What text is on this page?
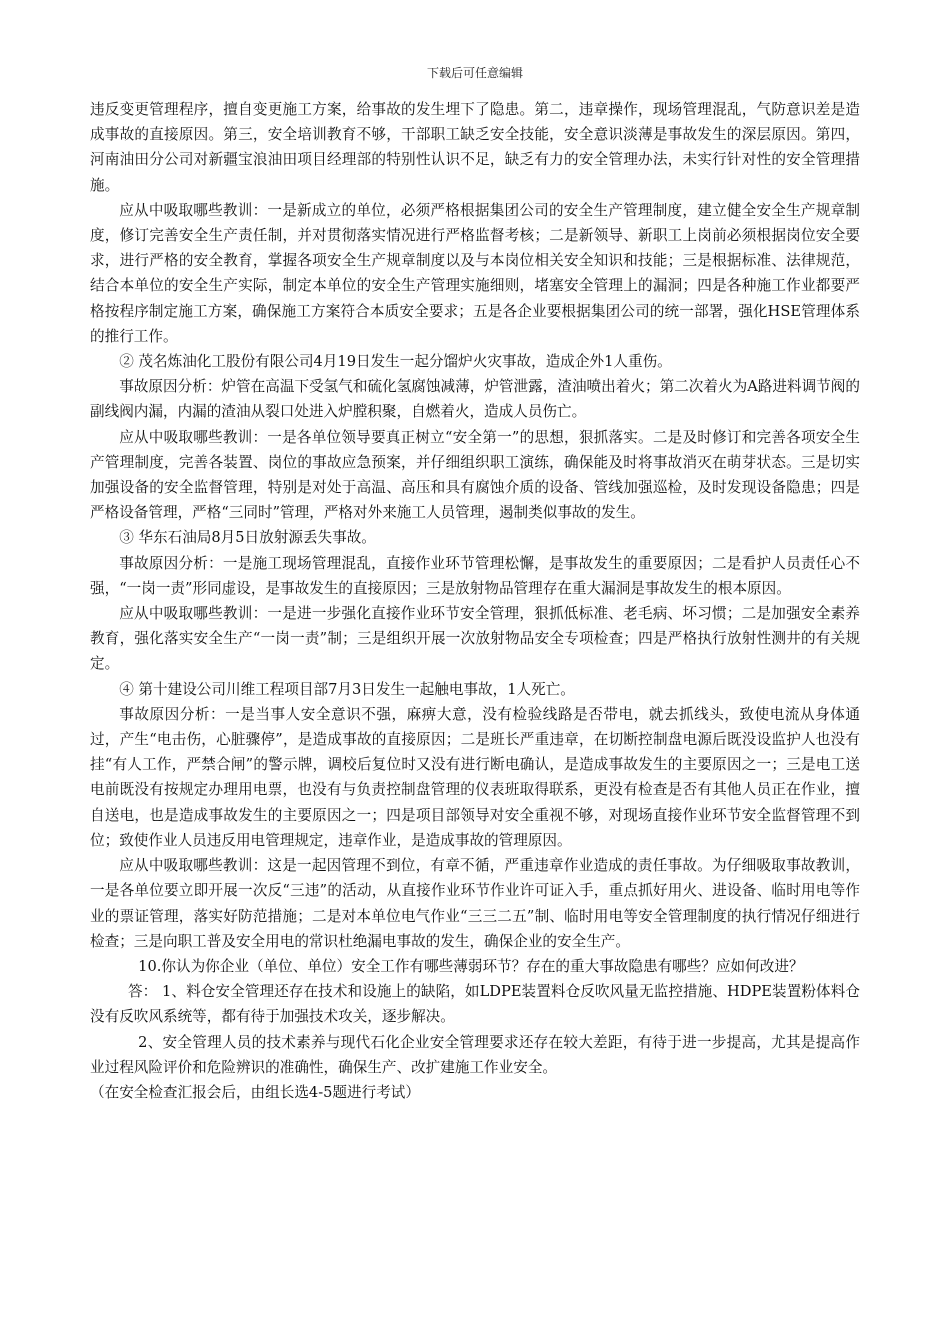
下载后可任意编辑

违反变更管理程序，擅自变更施工方案，给事故的发生埋下了隐患。第二，违章操作，现场管理混乱，气防意识差是造成事故的直接原因。第三，安全培训教育不够，干部职工缺乏安全技能，安全意识淡薄是事故发生的深层原因。第四，河南油田分公司对新疆宝浪油田项目经理部的特别性认识不足，缺乏有力的安全管理办法，未实行针对性的安全管理措施。

应从中吸取哪些教训：一是新成立的单位，必须严格根据集团公司的安全生产管理制度，建立健全安全生产规章制度，修订完善安全生产责任制，并对贯彻落实情况进行严格监督考核；二是新领导、新职工上岗前必须根据岗位安全要求，进行严格的安全教育，掌握各项安全生产规章制度以及与本岗位相关安全知识和技能；三是根据标准、法律规范，结合本单位的安全生产实际，制定本单位的安全生产管理实施细则，堵塞安全管理上的漏洞；四是各种施工作业都要严格按程序制定施工方案，确保施工方案符合本质安全要求；五是各企业要根据集团公司的统一部署，强化HSE管理体系的推行工作。

② 茂名炼油化工股份有限公司4月19日发生一起分馏炉火灾事故，造成企外1人重伤。

事故原因分析：炉管在高温下受氢气和硫化氢腐蚀减薄，炉管泄露，渣油喷出着火；第二次着火为A路进料调节阀的副线阀内漏，内漏的渣油从裂口处进入炉膛积聚，自燃着火，造成人员伤亡。

应从中吸取哪些教训：一是各单位领导要真正树立“安全第一”的思想，狠抓落实。二是及时修订和完善各项安全生产管理制度，完善各装置、岗位的事故应急预案，并仔细组织职工演练，确保能及时将事故消灭在萌芽状态。三是切实加强设备的安全监督管理，特别是对处于高温、高压和具有腐蚀介质的设备、管线加强巡检，及时发现设备隐患；四是严格设备管理，严格“三同时”管理，严格对外来施工人员管理，遏制类似事故的发生。

③ 华东石油局8月5日放射源丢失事故。

事故原因分析：一是施工现场管理混乱，直接作业环节管理松懈，是事故发生的重要原因；二是看护人员责任心不强，“一岗一责”形同虚设，是事故发生的直接原因；三是放射物品管理存在重大漏洞是事故发生的根本原因。

应从中吸取哪些教训：一是进一步强化直接作业环节安全管理，狠抓低标准、老毛病、坏习惯；二是加强安全素养教育，强化落实安全生产“一岗一责”制；三是组织开展一次放射物品安全专项检查；四是严格执行放射性测井的有关规定。

④ 第十建设公司川维工程项目部7月3日发生一起触电事故，1人死亡。

事故原因分析：一是当事人安全意识不强，麻痹大意，没有检验线路是否带电，就去抓线头，致使电流从身体通过，产生“电击伤，心脏骤停”，是造成事故的直接原因；二是班长严重违章，在切断控制盘电源后既没设监护人也没有挂“有人工作，严禁合闸”的警示牌，调校后复位时又没有进行断电确认，是造成事故发生的主要原因之一；三是电工送电前既没有按规定办理用电票，也没有与负责控制盘管理的仪表班取得联系，更没有检查是否有其他人员正在作业，擅自送电，也是造成事故发生的主要原因之一；四是项目部领导对安全重视不够，对现场直接作业环节安全监督管理不到位；致使作业人员违反用电管理规定，违章作业，是造成事故的管理原因。

应从中吸取哪些教训：这是一起因管理不到位，有章不循，严重违章作业造成的责任事故。为仔细吸取事故教训，一是各单位要立即开展一次反“三违”的活动，从直接作业环节作业许可证入手，重点抓好用火、进设备、临时用电等作业的票证管理，落实好防范措施；二是对本单位电气作业“三三二五”制、临时用电等安全管理制度的执行情况仔细进行检查；三是向职工普及安全用电的常识杜绝漏电事故的发生，确保企业的安全生产。

10.你认为你企业（单位、单位）安全工作有哪些薄弱环节？存在的重大事故隐患有哪些？应如何改进？

答： 1、料仓安全管理还存在技术和设施上的缺陷，如LDPE装置料仓反吹风量无监控措施、HDPE装置粉体料仓没有反吹风系统等，都有待于加强技术攻关，逐步解决。

2、安全管理人员的技术素养与现代石化企业安全管理要求还存在较大差距，有待于进一步提高，尤其是提高作业过程风险评价和危险辨识的准确性，确保生产、改扩建施工作业安全。

（在安全检查汇报会后，由组长选4-5题进行考试）
